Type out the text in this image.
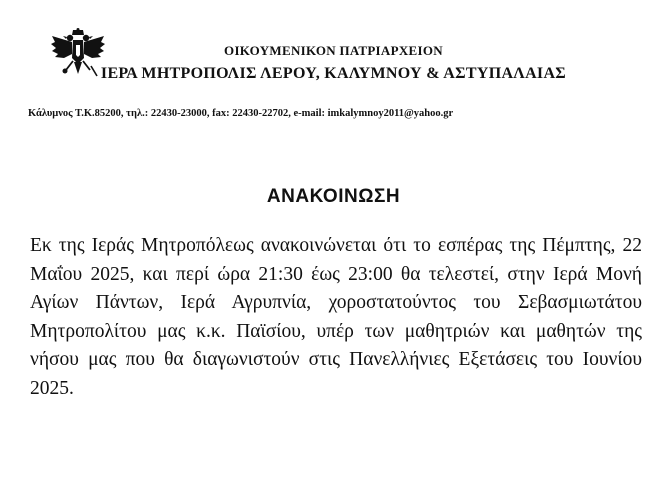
ΟΙΚΟΥΜΕΝΙΚΟΝ ΠΑΤΡΙΑΡΧΕΙΟΝ
ΙΕΡΑ ΜΗΤΡΟΠΟΛΙΣ ΛΕΡΟΥ, ΚΑΛΥΜΝΟΥ & ΑΣΤΥΠΑΛΑΙΑΣ
Κάλυμνος Τ.Κ.85200, τηλ.: 22430-23000, fax: 22430-22702, e-mail: imkalymnoy2011@yahoo.gr
ΑΝΑΚΟΙΝΩΣΗ

Εκ της Ιεράς Μητροπόλεως ανακοινώνεται ότι το εσπέρας της Πέμπτης, 22 Μαΐου 2025, και περί ώρα 21:30 έως 23:00 θα τελεστεί, στην Ιερά Μονή Αγίων Πάντων, Ιερά Αγρυπνία, χοροστατούντος του Σεβασμιωτάτου Μητροπολίτου μας κ.κ. Παϊσίου, υπέρ των μαθητριών και μαθητών της νήσου μας που θα διαγωνιστούν στις Πανελλήνιες Εξετάσεις του Ιουνίου 2025.
